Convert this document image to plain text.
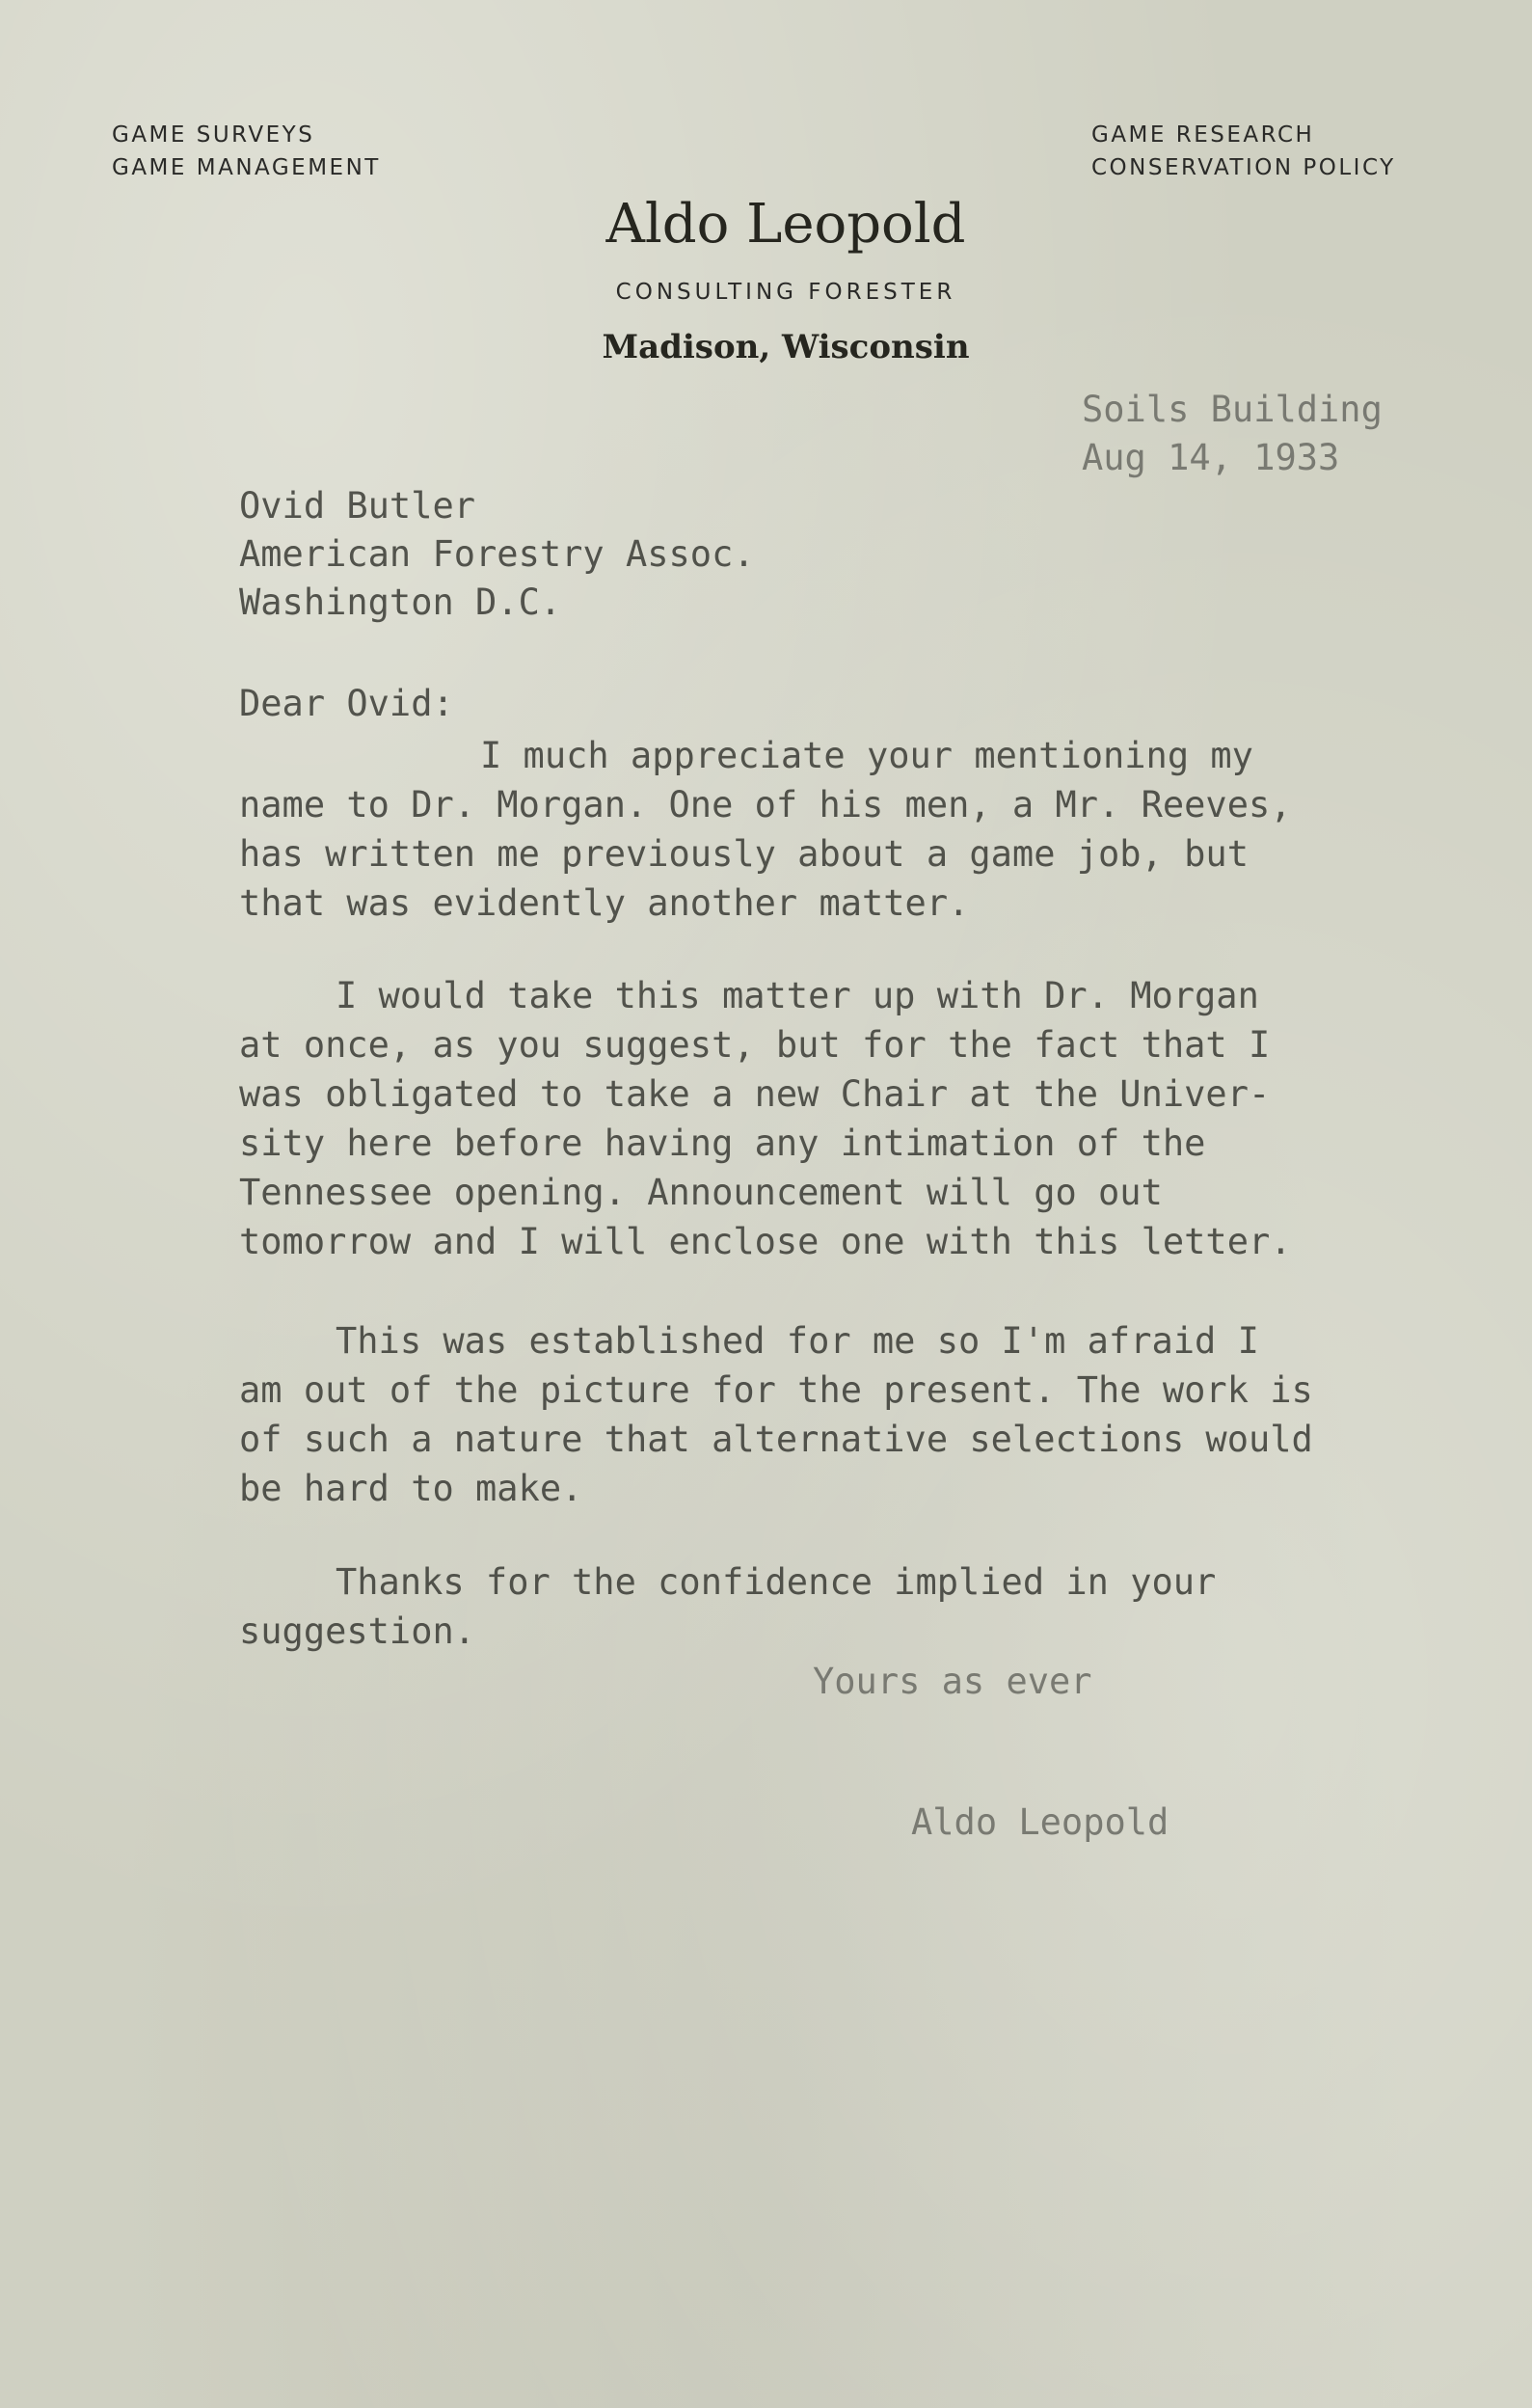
GAME SURVEYS
GAME MANAGEMENT
GAME RESEARCH
CONSERVATION POLICY
Aldo Leopold
CONSULTING FORESTER
Madison, Wisconsin
Soils Building
Aug 14, 1933
Ovid Butler
American Forestry Assoc.
Washington D.C.
Dear Ovid:
I much appreciate your mentioning my
name to Dr. Morgan. One of his men, a Mr. Reeves,
has written me previously about a game job, but
that was evidently another matter.
I would take this matter up with Dr. Morgan
at once, as you suggest, but for the fact that I
was obligated to take a new Chair at the Univer-
sity here before having any intimation of the
Tennessee opening. Announcement will go out
tomorrow and I will enclose one with this letter.
This was established for me so I'm afraid I
am out of the picture for the present. The work is
of such a nature that alternative selections would
be hard to make.
Thanks for the confidence implied in your
suggestion.
Yours as ever
Aldo Leopold
